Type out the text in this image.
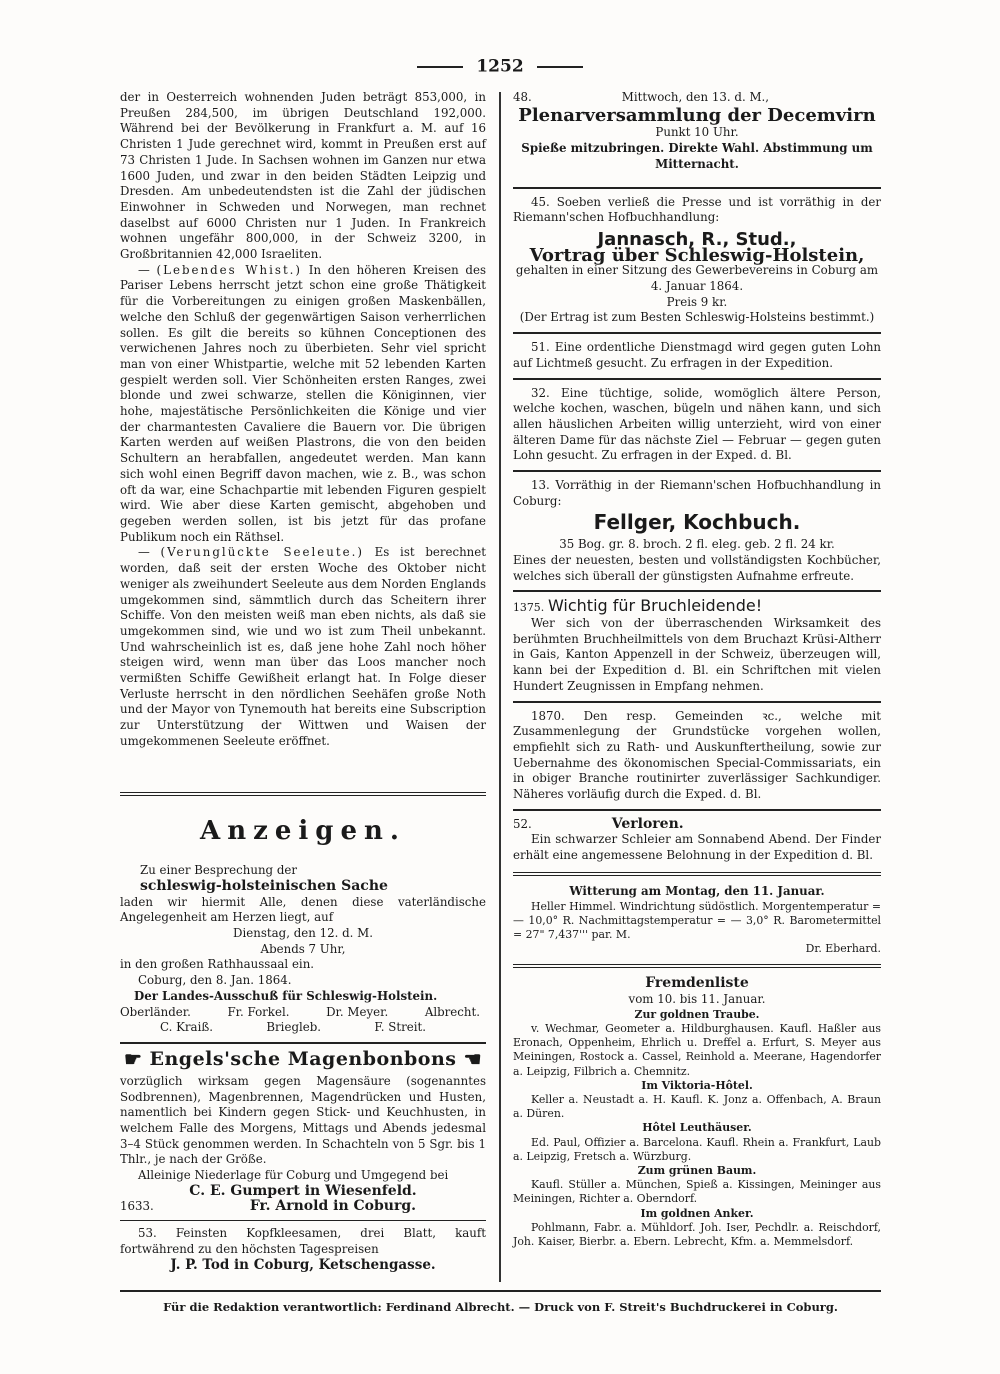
1252

der in Oesterreich wohnenden Juden beträgt 853,000, in Preußen 284,500, im übrigen Deutschland 192,000. Während bei der Bevölkerung in Frankfurt a. M. auf 16 Christen 1 Jude gerechnet wird, kommt in Preußen erst auf 73 Christen 1 Jude. In Sachsen wohnen im Ganzen nur etwa 1600 Juden, und zwar in den beiden Städten Leipzig und Dresden. Am unbedeutendsten ist die Zahl der jüdischen Einwohner in Schweden und Norwegen, man rechnet daselbst auf 6000 Christen nur 1 Juden. In Frankreich wohnen ungefähr 800,000, in der Schweiz 3200, in Großbritannien 42,000 Israeliten.

— (Lebendes Whist.) In den höheren Kreisen des Pariser Lebens herrscht jetzt schon eine große Thätigkeit für die Vorbereitungen zu einigen großen Maskenbällen, welche den Schluß der gegenwärtigen Saison verherrlichen sollen. Es gilt die bereits so kühnen Conceptionen des verwichenen Jahres noch zu überbieten. Sehr viel spricht man von einer Whistpartie, welche mit 52 lebenden Karten gespielt werden soll. Vier Schönheiten ersten Ranges, zwei blonde und zwei schwarze, stellen die Königinnen, vier hohe, majestätische Persönlichkeiten die Könige und vier der charmantesten Cavaliere die Bauern vor. Die übrigen Karten werden auf weißen Plastrons, die von den beiden Schultern an herabfallen, angedeutet werden. Man kann sich wohl einen Begriff davon machen, wie z. B., was schon oft da war, eine Schachpartie mit lebenden Figuren gespielt wird. Wie aber diese Karten gemischt, abgehoben und gegeben werden sollen, ist bis jetzt für das profane Publikum noch ein Räthsel.

— (Verunglückte Seeleute.) Es ist berechnet worden, daß seit der ersten Woche des Oktober nicht weniger als zweihundert Seeleute aus dem Norden Englands umgekommen sind, sämmtlich durch das Scheitern ihrer Schiffe. Von den meisten weiß man eben nichts, als daß sie umgekommen sind, wie und wo ist zum Theil unbekannt. Und wahrscheinlich ist es, daß jene hohe Zahl noch höher steigen wird, wenn man über das Loos mancher noch vermißten Schiffe Gewißheit erlangt hat. In Folge dieser Verluste herrscht in den nördlichen Seehäfen große Noth und der Mayor von Tynemouth hat bereits eine Subscription zur Unterstützung der Wittwen und Waisen der umgekommenen Seeleute eröffnet.

Anzeigen.

Zu einer Besprechung der

schleswig-holsteinischen Sache

laden wir hiermit Alle, denen diese vaterländische Angelegenheit am Herzen liegt, auf

Dienstag, den 12. d. M.

Abends 7 Uhr,

in den großen Rathhaussaal ein.

Coburg, den 8. Jan. 1864.

Der Landes-Ausschuß für Schleswig-Holstein.

Oberländer.	Fr. Forkel.	Dr. Meyer.	Albrecht.
C. Kraiß.	Briegleb.	F. Streit.
☛ Engels'sche Magenbonbons ☚

vorzüglich wirksam gegen Magensäure (sogenanntes Sodbrennen), Magenbrennen, Magendrücken und Husten, namentlich bei Kindern gegen Stick- und Keuchhusten, in welchem Falle des Morgens, Mittags und Abends jedesmal 3–4 Stück genommen werden. In Schachteln von 5 Sgr. bis 1 Thlr., je nach der Größe.

Alleinige Niederlage für Coburg und Umgegend bei

C. E. Gumpert in Wiesenfeld.

1633.	Fr. Arnold in Coburg.

53. Feinsten Kopfkleesamen, drei Blatt, kauft fortwährend zu den höchsten Tagespreisen

J. P. Tod in Coburg, Ketschengasse.

48.	Mittwoch, den 13. d. M.,

Plenarversammlung der Decemvirn

Punkt 10 Uhr.

Spieße mitzubringen. Direkte Wahl. Abstimmung um Mitternacht.

45. Soeben verließ die Presse und ist vorräthig in der Riemann'schen Hofbuchhandlung:

Jannasch, R., Stud.,

Vortrag über Schleswig-Holstein,

gehalten in einer Sitzung des Gewerbevereins in Coburg am 4. Januar 1864.

Preis 9 kr.

(Der Ertrag ist zum Besten Schleswig-Holsteins bestimmt.)

51. Eine ordentliche Dienstmagd wird gegen guten Lohn auf Lichtmeß gesucht. Zu erfragen in der Expedition.

32. Eine tüchtige, solide, womöglich ältere Person, welche kochen, waschen, bügeln und nähen kann, und sich allen häuslichen Arbeiten willig unterzieht, wird von einer älteren Dame für das nächste Ziel — Februar — gegen guten Lohn gesucht. Zu erfragen in der Exped. d. Bl.

13. Vorräthig in der Riemann'schen Hofbuchhandlung in Coburg:

Fellger, Kochbuch.

35 Bog. gr. 8. broch. 2 fl. eleg. geb. 2 fl. 24 kr.

Eines der neuesten, besten und vollständigsten Kochbücher, welches sich überall der günstigsten Aufnahme erfreute.

1375. Wichtig für Bruchleidende!

Wer sich von der überraschenden Wirksamkeit des berühmten Bruchheilmittels von dem Bruchazt Krüsi-Altherr in Gais, Kanton Appenzell in der Schweiz, überzeugen will, kann bei der Expedition d. Bl. ein Schriftchen mit vielen Hundert Zeugnissen in Empfang nehmen.

1870. Den resp. Gemeinden ꝛc., welche mit Zusammenlegung der Grundstücke vorgehen wollen, empfiehlt sich zu Rath- und Auskunftertheilung, sowie zur Uebernahme des ökonomischen Special-Commissariats, ein in obiger Branche routinirter zuverlässiger Sachkundiger. Näheres vorläufig durch die Exped. d. Bl.

52.	Verloren.

Ein schwarzer Schleier am Sonnabend Abend. Der Finder erhält eine angemessene Belohnung in der Expedition d. Bl.

Witterung am Montag, den 11. Januar.

Heller Himmel. Windrichtung südöstlich. Morgentemperatur = — 10,0° R. Nachmittagstemperatur = — 3,0° R. Barometermittel = 27" 7,437''' par. M.

Dr. Eberhard.

Fremdenliste

vom 10. bis 11. Januar.

Zur goldnen Traube.

v. Wechmar, Geometer a. Hildburghausen. Kaufl. Haßler aus Eronach, Oppenheim, Ehrlich u. Dreffel a. Erfurt, S. Meyer aus Meiningen, Rostock a. Cassel, Reinhold a. Meerane, Hagendorfer a. Leipzig, Filbrich a. Chemnitz.

Im Viktoria-Hôtel.

Keller a. Neustadt a. H. Kaufl. K. Jonz a. Offenbach, A. Braun a. Düren.

Hôtel Leuthäuser.

Ed. Paul, Offizier a. Barcelona. Kaufl. Rhein a. Frankfurt, Laub a. Leipzig, Fretsch a. Würzburg.

Zum grünen Baum.

Kaufl. Stüller a. München, Spieß a. Kissingen, Meininger aus Meiningen, Richter a. Oberndorf.

Im goldnen Anker.

Pohlmann, Fabr. a. Mühldorf. Joh. Iser, Pechdlr. a. Reischdorf, Joh. Kaiser, Bierbr. a. Ebern. Lebrecht, Kfm. a. Memmelsdorf.

Für die Redaktion verantwortlich: Ferdinand Albrecht. — Druck von F. Streit's Buchdruckerei in Coburg.
